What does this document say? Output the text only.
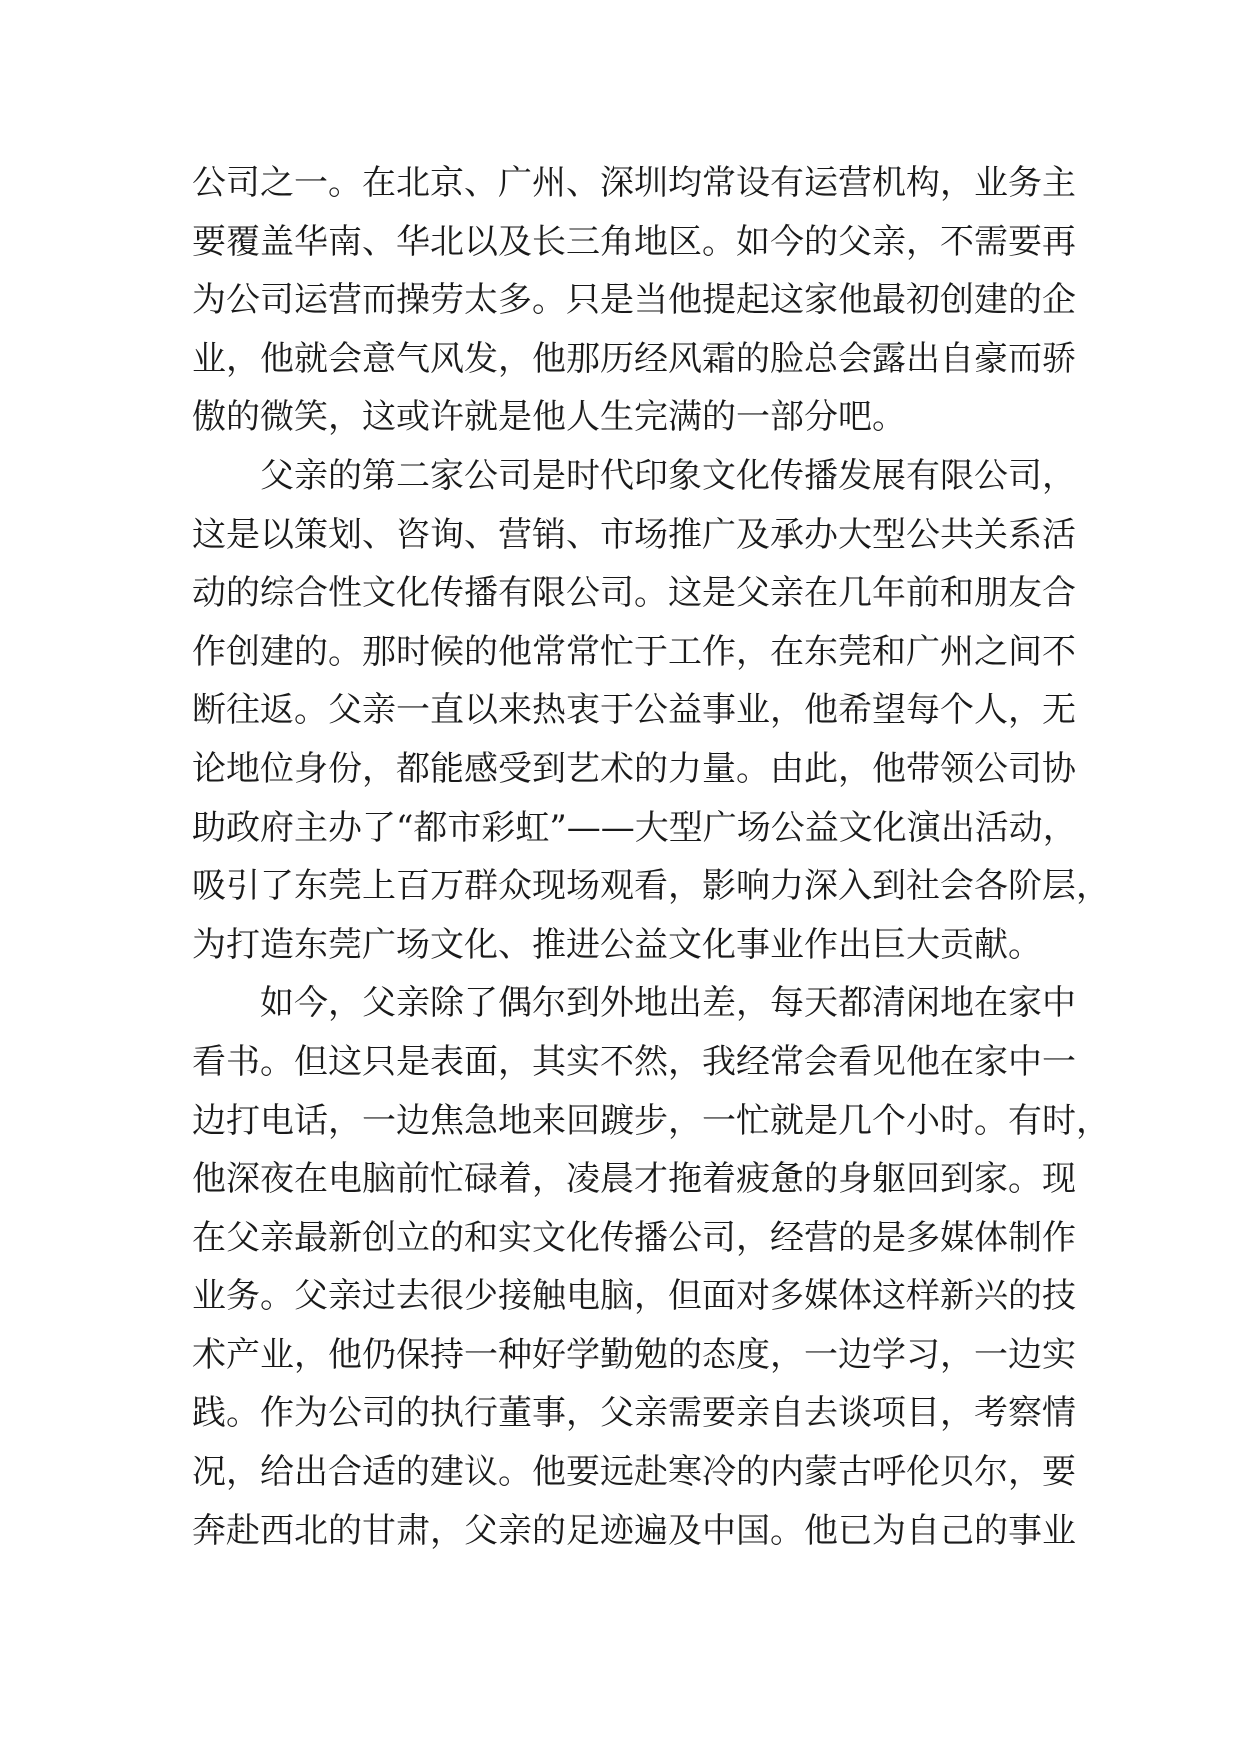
公司之一。在北京、广州、深圳均常设有运营机构，业务主
要覆盖华南、华北以及长三角地区。如今的父亲，不需要再
为公司运营而操劳太多。只是当他提起这家他最初创建的企
业，他就会意气风发，他那历经风霜的脸总会露出自豪而骄
傲的微笑，这或许就是他人生完满的一部分吧。
　　父亲的第二家公司是时代印象文化传播发展有限公司，
这是以策划、咨询、营销、市场推广及承办大型公共关系活
动的综合性文化传播有限公司。这是父亲在几年前和朋友合
作创建的。那时候的他常常忙于工作，在东莞和广州之间不
断往返。父亲一直以来热衷于公益事业，他希望每个人，无
论地位身份，都能感受到艺术的力量。由此，他带领公司协
助政府主办了“都市彩虹”——大型广场公益文化演出活动，
吸引了东莞上百万群众现场观看，影响力深入到社会各阶层，
为打造东莞广场文化、推进公益文化事业作出巨大贡献。
　　如今，父亲除了偶尔到外地出差，每天都清闲地在家中
看书。但这只是表面，其实不然，我经常会看见他在家中一
边打电话，一边焦急地来回踱步，一忙就是几个小时。有时，
他深夜在电脑前忙碌着，凌晨才拖着疲惫的身躯回到家。现
在父亲最新创立的和实文化传播公司，经营的是多媒体制作
业务。父亲过去很少接触电脑，但面对多媒体这样新兴的技
术产业，他仍保持一种好学勤勉的态度，一边学习，一边实
践。作为公司的执行董事，父亲需要亲自去谈项目，考察情
况，给出合适的建议。他要远赴寒冷的内蒙古呼伦贝尔，要
奔赴西北的甘肃，父亲的足迹遍及中国。他已为自己的事业
